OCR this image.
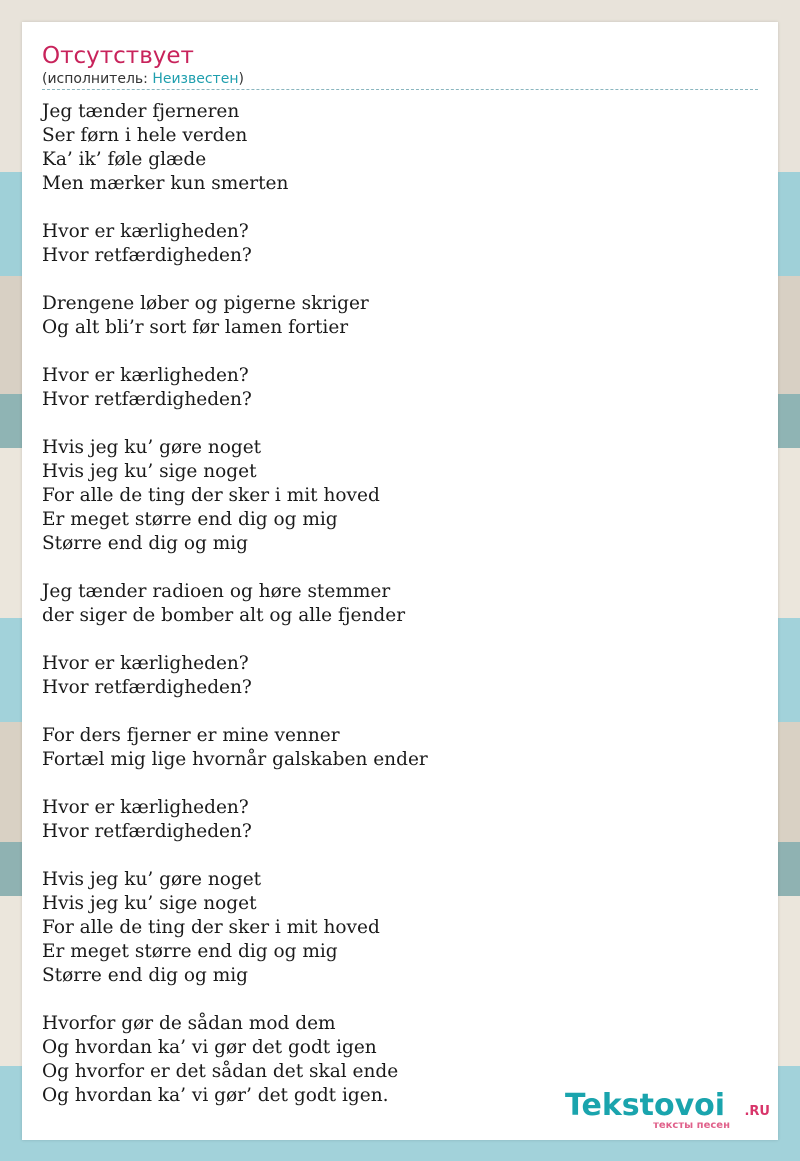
Отсутствует
(исполнитель: Неизвестен)
Jeg tænder fjerneren
Ser førn i hele verden
Ka’ ik’ føle glæde
Men mærker kun smerten
Hvor er kærligheden?
Hvor retfærdigheden?
Drengene løber og pigerne skriger
Og alt bli’r sort før lamen fortier
Hvor er kærligheden?
Hvor retfærdigheden?
Hvis jeg ku’ gøre noget
Hvis jeg ku’ sige noget
For alle de ting der sker i mit hoved
Er meget større end dig og mig
Større end dig og mig
Jeg tænder radioen og høre stemmer
der siger de bomber alt og alle fjender
Hvor er kærligheden?
Hvor retfærdigheden?
For ders fjerner er mine venner
Fortæl mig lige hvornår galskaben ender
Hvor er kærligheden?
Hvor retfærdigheden?
Hvis jeg ku’ gøre noget
Hvis jeg ku’ sige noget
For alle de ting der sker i mit hoved
Er meget større end dig og mig
Større end dig og mig
Hvorfor gør de sådan mod dem
Og hvordan ka’ vi gør det godt igen
Og hvorfor er det sådan det skal ende
Og hvordan ka’ vi gør’ det godt igen.	Tekstovoi .RU
тексты песен
